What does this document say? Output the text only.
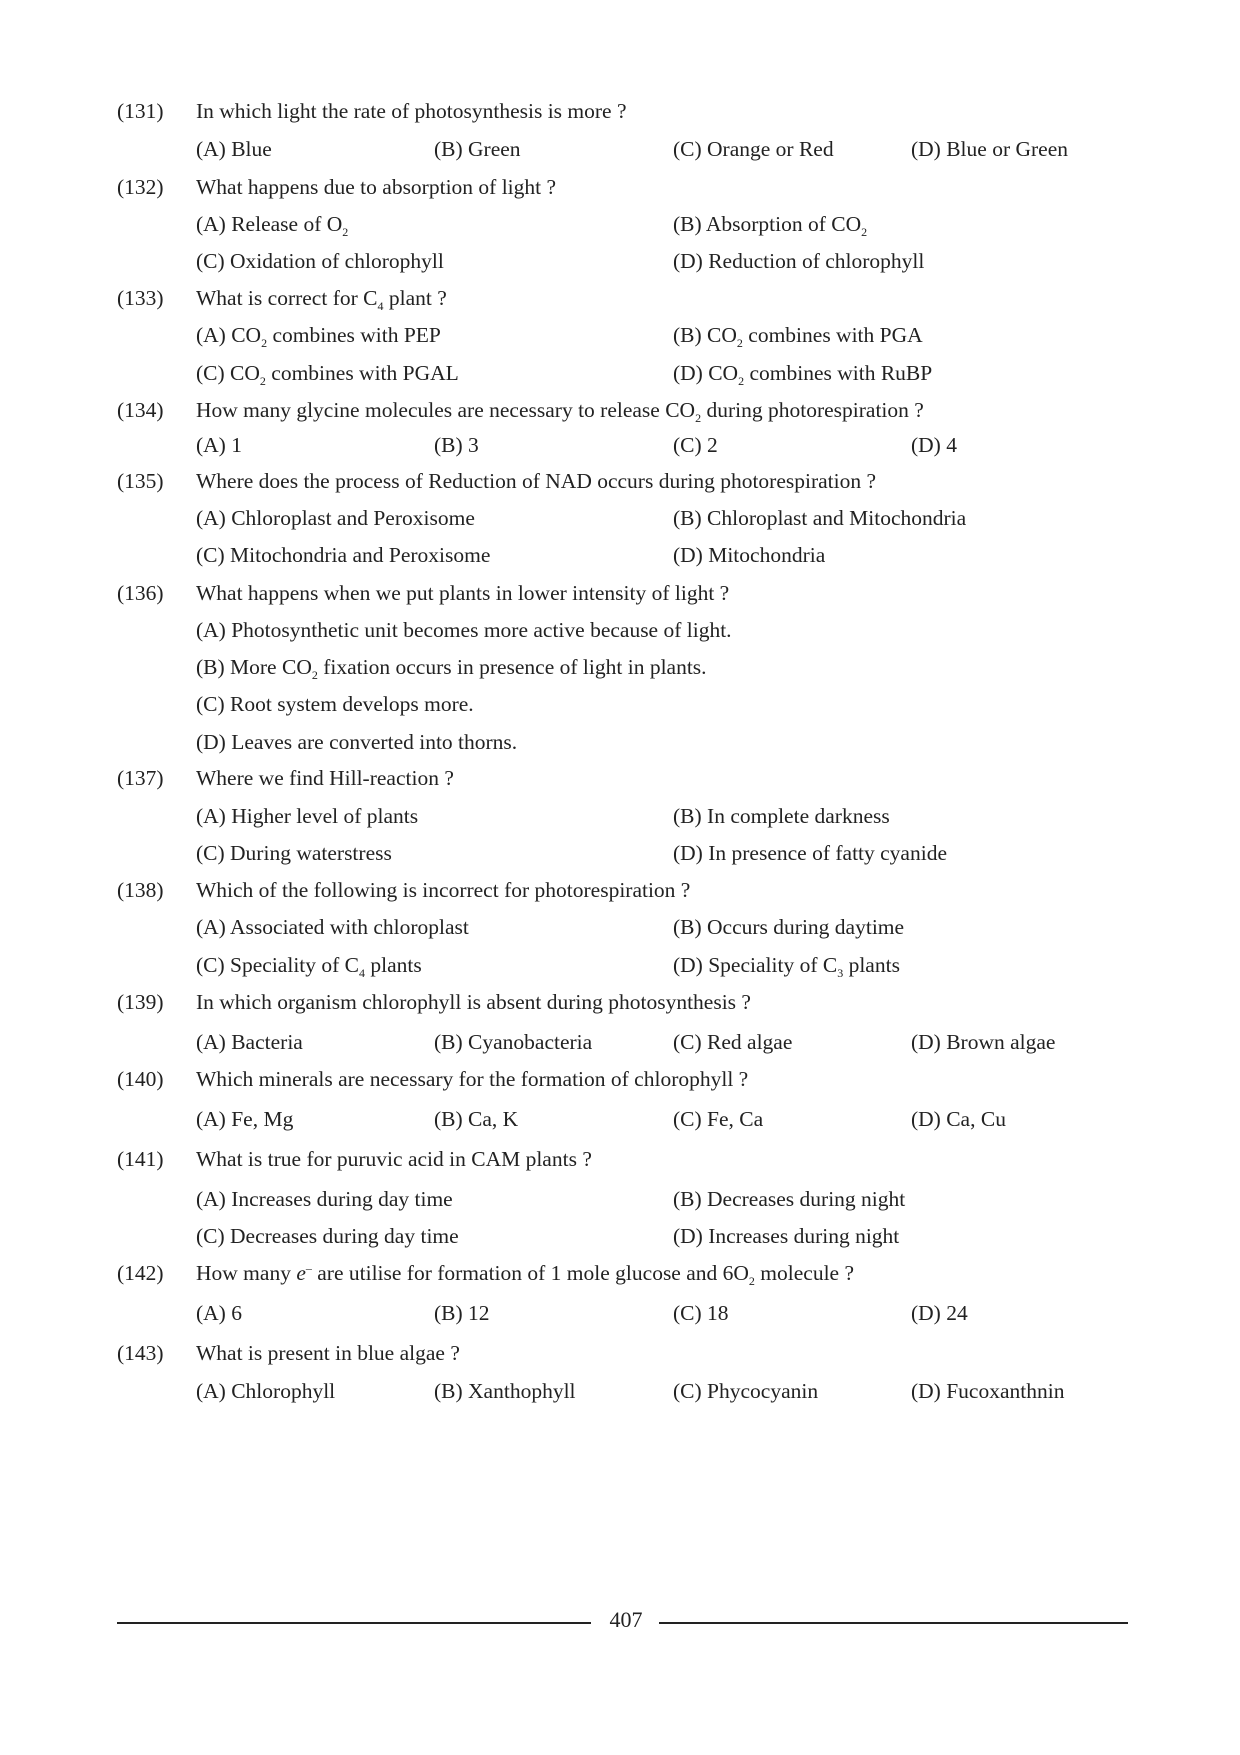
(131) In which light the rate of photosynthesis is more ?
(A) Blue	(B) Green	(C) Orange or Red	(D) Blue or Green
(132) What happens due to absorption of light ?
(A) Release of $O_2$	(B) Absorption of $CO_2$
(C) Oxidation of chlorophyll	(D) Reduction of chlorophyll
(133) What is correct for $C_4$ plant ?
(A) $CO_2$ combines with PEP	(B) $CO_2$ combines with PGA
(C) $CO_2$ combines with PGAL	(D) $CO_2$ combines with RuBP
(134) How many glycine molecules are necessary to release $CO_2$ during photorespiration ?
(A) 1	(B) 3	(C) 2	(D) 4
(135) Where does the process of Reduction of NAD occurs during photorespiration ?
(A) Chloroplast and Peroxisome	(B) Chloroplast and Mitochondria
(C) Mitochondria and Peroxisome	(D) Mitochondria
(136) What happens when we put plants in lower intensity of light ?
(A) Photosynthetic unit becomes more active because of light.
(B) More $CO_2$ fixation occurs in presence of light in plants.
(C) Root system develops more.
(D) Leaves are converted into thorns.
(137) Where we find Hill-reaction ?
(A) Higher level of plants	(B) In complete darkness
(C) During waterstress	(D) In presence of fatty cyanide
(138) Which of the following is incorrect for photorespiration ?
(A) Associated with chloroplast	(B) Occurs during daytime
(C) Speciality of $C_4$ plants	(D) Speciality of $C_3$ plants
(139) In which organism chlorophyll is absent during photosynthesis ?
(A) Bacteria	(B) Cyanobacteria	(C) Red algae	(D) Brown algae
(140) Which minerals are necessary for the formation of chlorophyll ?
(A) Fe, Mg	(B) Ca, K	(C) Fe, Ca	(D) Ca, Cu
(141) What is true for puruvic acid in CAM plants ?
(A) Increases during day time	(B) Decreases during night
(C) Decreases during day time	(D) Increases during night
(142) How many e– are utilise for formation of 1 mole glucose and $6O_2$ molecule ?
(A) 6	(B) 12	(C) 18	(D) 24
(143) What is present in blue algae ?
(A) Chlorophyll	(B) Xanthophyll	(C) Phycocyanin	(D) Fucoxanthnin
407
